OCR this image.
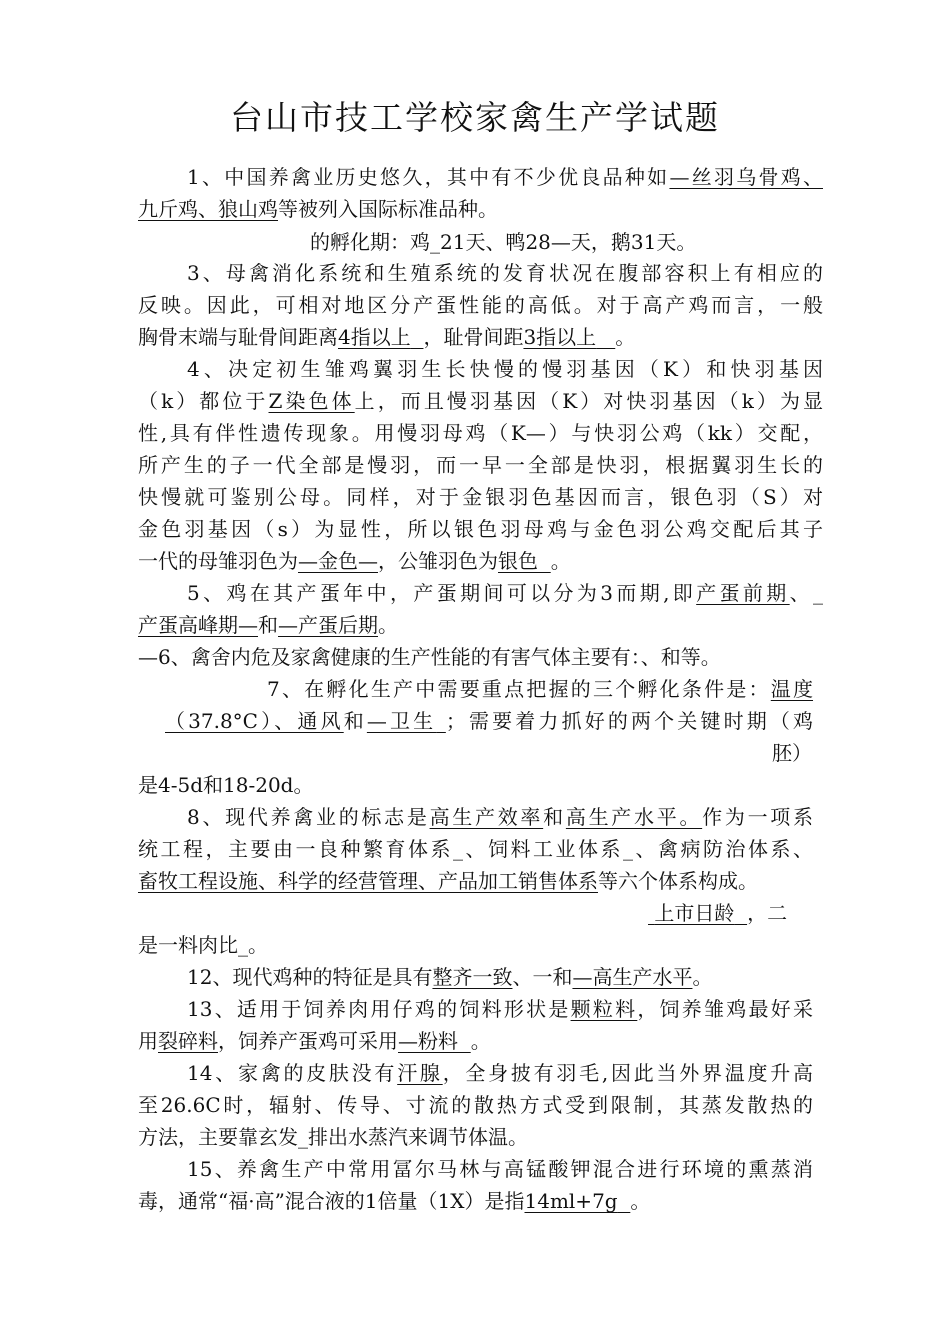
台山市技工学校家禽生产学试题
1、中国养禽业历史悠久，其中有不少优良品种如—丝羽乌骨鸡、
九斤鸡、狼山鸡等被列入国际标准品种。
的孵化期：鸡_21天、鸭28—天，鹅31天。
3、母禽消化系统和生殖系统的发育状况在腹部容积上有相应的
反映。因此，可相对地区分产蛋性能的高低。对于高产鸡而言，一般
胸骨末端与耻骨间距离4指以上 ，耻骨间距3指以上 。
4、决定初生雏鸡翼羽生长快慢的慢羽基因（K）和快羽基因
（k）都位于Z染色体上，而且慢羽基因（K）对快羽基因（k）为显
性,具有伴性遗传现象。用慢羽母鸡（K—）与快羽公鸡（kk）交配，
所产生的子一代全部是慢羽，而一早一全部是快羽，根据翼羽生长的
快慢就可鉴别公母。同样，对于金银羽色基因而言，银色羽（S）对
金色羽基因（s）为显性，所以银色羽母鸡与金色羽公鸡交配后其子
一代的母雏羽色为—金色—，公雏羽色为银色 。
5、鸡在其产蛋年中，产蛋期间可以分为3而期,即产蛋前期、_
产蛋高峰期—和—产蛋后期。
—6、禽舍内危及家禽健康的生产性能的有害气体主要有：、和等。
7、在孵化生产中需要重点把握的三个孵化条件是：温度
（37.8°C）、通风和—卫生 ；需要着力抓好的两个关键时期（鸡
胚）
是4-5d和18-20d。
8、现代养禽业的标志是高生产效率和高生产水平。作为一项系
统工程，主要由一良种繁育体系_、饲料工业体系_、禽病防治体系、
畜牧工程设施、科学的经营管理、产品加工销售体系等六个体系构成。
上市日龄 ，二
是一料肉比_。
12、现代鸡种的特征是具有整齐一致、一和—高生产水平。
13、适用于饲养肉用仔鸡的饲料形状是颗粒料，饲养雏鸡最好采
用裂碎料，饲养产蛋鸡可采用—粉料 。
14、家禽的皮肤没有汗腺，全身披有羽毛,因此当外界温度升高
至26.6C时，辐射、传导、寸流的散热方式受到限制，其蒸发散热的
方法，主要靠玄发_排出水蒸汽来调节体温。
15、养禽生产中常用冨尔马林与高锰酸钾混合进行环境的熏蒸消
毒，通常“福·高”混合液的1倍量（1X）是指14ml+7g 。
